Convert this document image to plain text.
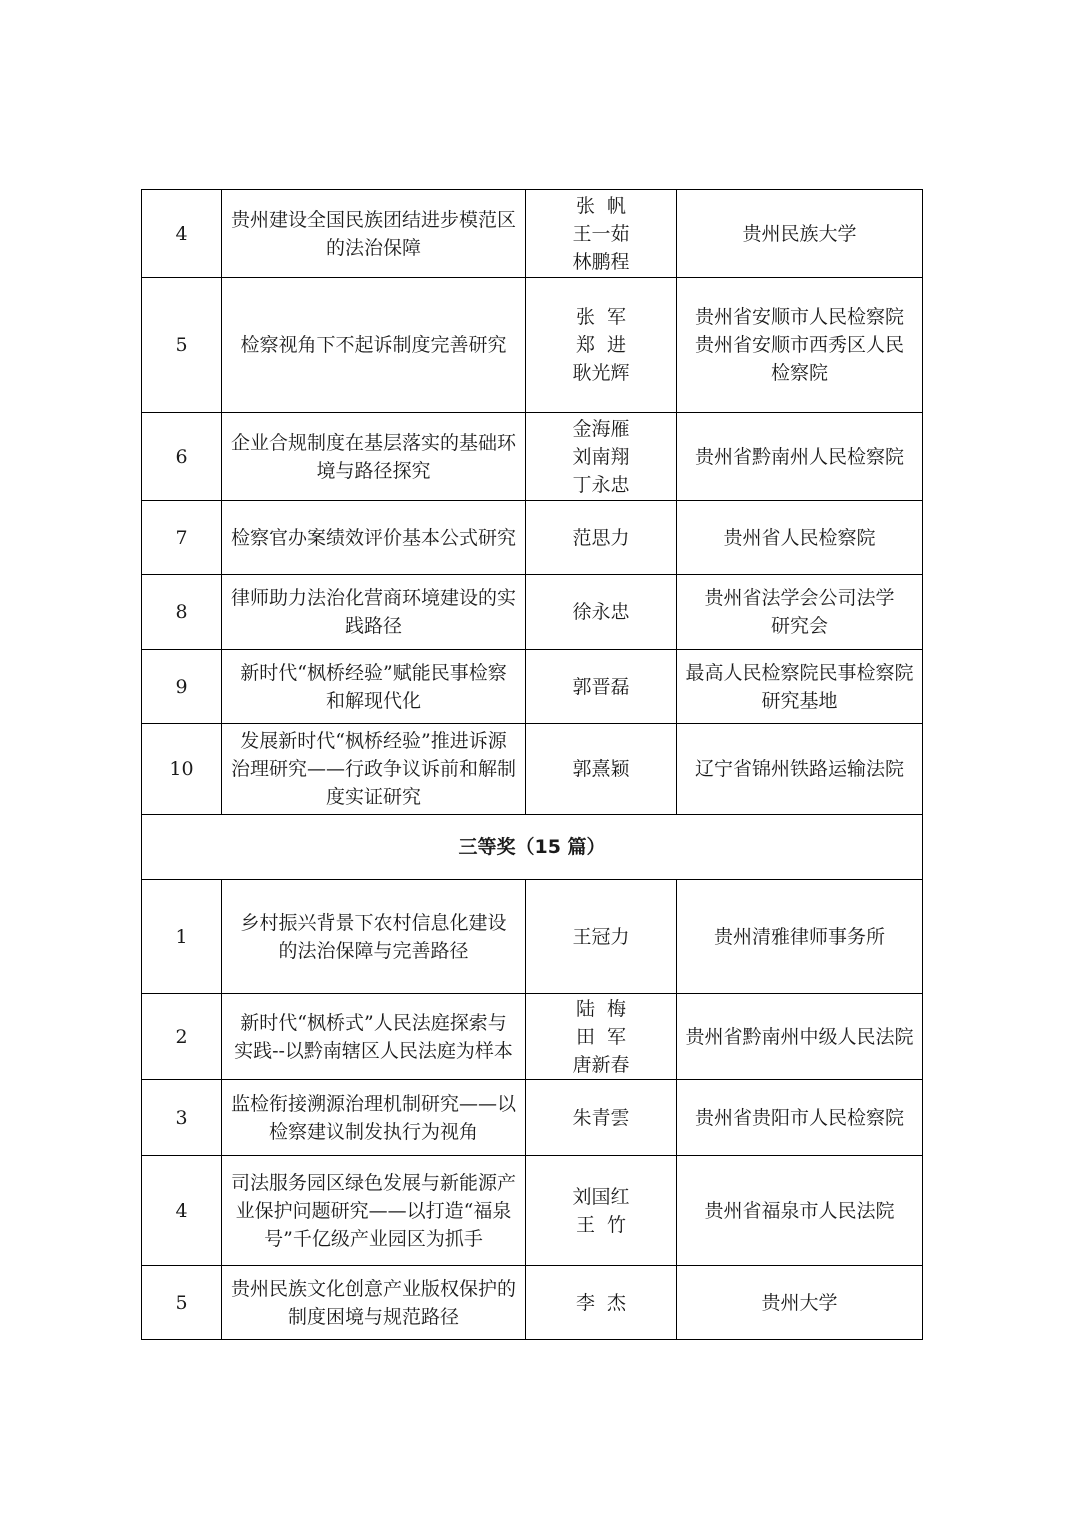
4	贵州建设全国民族团结进步模范区
的法治保障	张  帆
王一茹
林鹏程	贵州民族大学

5	检察视角下不起诉制度完善研究	张  军
郑  进
耿光辉	贵州省安顺市人民检察院
贵州省安顺市西秀区人民
检察院

6	企业合规制度在基层落实的基础环
境与路径探究	金海雁
刘南翔
丁永忠	贵州省黔南州人民检察院

7	检察官办案绩效评价基本公式研究	范思力	贵州省人民检察院

8	律师助力法治化营商环境建设的实
践路径	徐永忠	贵州省法学会公司法学
研究会

9	新时代“枫桥经验”赋能民事检察
和解现代化	郭晋磊	最高人民检察院民事检察院
研究基地

10	发展新时代“枫桥经验”推进诉源
治理研究——行政争议诉前和解制
度实证研究	郭熹颖	辽宁省锦州铁路运输法院

三等奖（15 篇）			
1	乡村振兴背景下农村信息化建设
的法治保障与完善路径	王冠力	贵州清雅律师事务所

2	新时代“枫桥式”人民法庭探索与
实践--以黔南辖区人民法庭为样本	陆  梅
田  军
唐新春	贵州省黔南州中级人民法院

3	监检衔接溯源治理机制研究——以
检察建议制发执行为视角	朱青雲	贵州省贵阳市人民检察院

4	司法服务园区绿色发展与新能源产
业保护问题研究——以打造“福泉
号”千亿级产业园区为抓手	刘国红
王  竹	贵州省福泉市人民法院

5	贵州民族文化创意产业版权保护的
制度困境与规范路径	李  杰	贵州大学
